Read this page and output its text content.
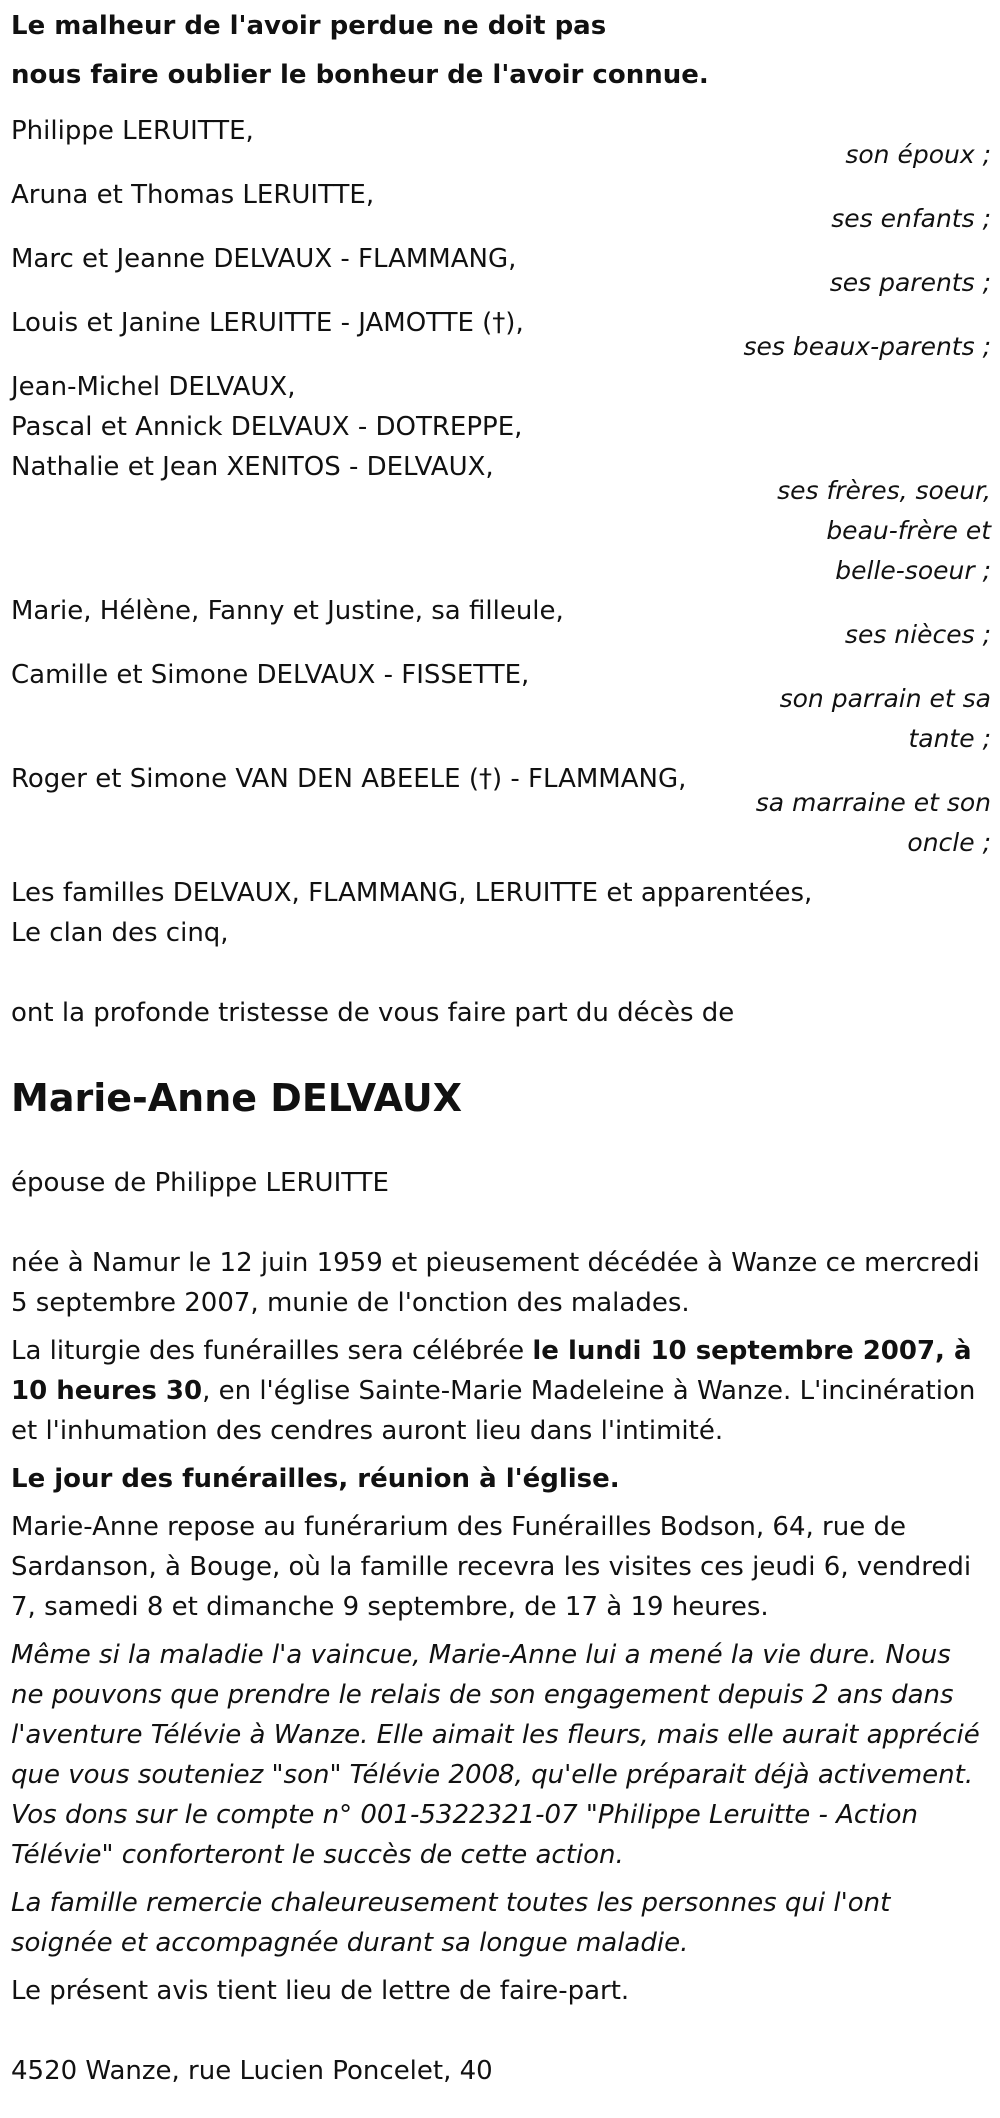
Le malheur de l'avoir perdue ne doit pas
nous faire oublier le bonheur de l'avoir connue.
Philippe LERUITTE,
son époux ;
Aruna et Thomas LERUITTE,
ses enfants ;
Marc et Jeanne DELVAUX - FLAMMANG,
ses parents ;
Louis et Janine LERUITTE - JAMOTTE (†),
ses beaux-parents ;
Jean-Michel DELVAUX,
Pascal et Annick DELVAUX - DOTREPPE,
Nathalie et Jean XENITOS - DELVAUX,
ses frères, soeur,
beau-frère et
belle-soeur ;
Marie, Hélène, Fanny et Justine, sa filleule,
ses nièces ;
Camille et Simone DELVAUX - FISSETTE,
son parrain et sa
tante ;
Roger et Simone VAN DEN ABEELE (†) - FLAMMANG,
sa marraine et son
oncle ;
Les familles DELVAUX, FLAMMANG, LERUITTE et apparentées,
Le clan des cinq,
ont la profonde tristesse de vous faire part du décès de
Marie-Anne DELVAUX
épouse de Philippe LERUITTE
née à Namur le 12 juin 1959 et pieusement décédée à Wanze ce mercredi 5 septembre 2007, munie de l'onction des malades.
La liturgie des funérailles sera célébrée le lundi 10 septembre 2007, à 10 heures 30, en l'église Sainte-Marie Madeleine à Wanze. L'incinération et l'inhumation des cendres auront lieu dans l'intimité.
Le jour des funérailles, réunion à l'église.
Marie-Anne repose au funérarium des Funérailles Bodson, 64, rue de Sardanson, à Bouge, où la famille recevra les visites ces jeudi 6, vendredi 7, samedi 8 et dimanche 9 septembre, de 17 à 19 heures.
Même si la maladie l'a vaincue, Marie-Anne lui a mené la vie dure. Nous ne pouvons que prendre le relais de son engagement depuis 2 ans dans l'aventure Télévie à Wanze. Elle aimait les fleurs, mais elle aurait apprécié que vous souteniez "son" Télévie 2008, qu'elle préparait déjà activement. Vos dons sur le compte n° 001-5322321-07 "Philippe Leruitte - Action Télévie" conforteront le succès de cette action.
La famille remercie chaleureusement toutes les personnes qui l'ont soignée et accompagnée durant sa longue maladie.
Le présent avis tient lieu de lettre de faire-part.
4520 Wanze, rue Lucien Poncelet, 40
